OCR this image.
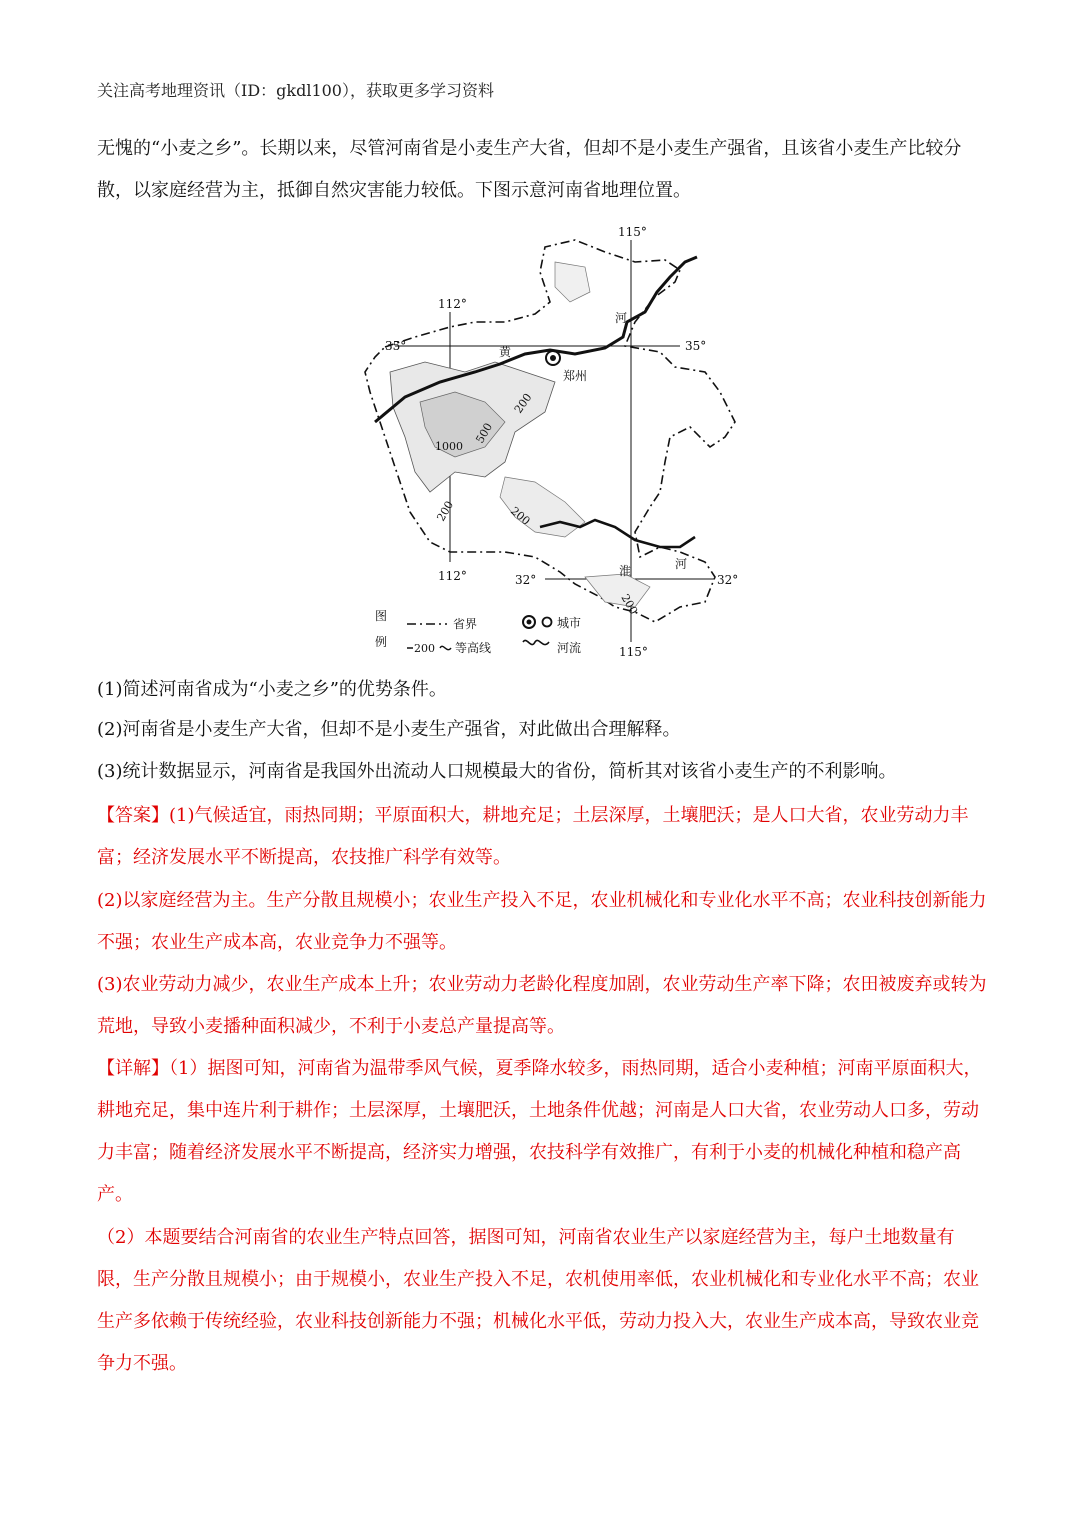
关注高考地理资讯（ID：gkdl100），获取更多学习资料

无愧的“小麦之乡”。长期以来，尽管河南省是小麦生产大省，但却不是小麦生产强省，且该省小麦生产比较分散，以家庭经营为主，抵御自然灾害能力较低。下图示意河南省地理位置。

115°
112°
35°	35°
112°	32°	32°
115°
郑州
河
黄
淮	河
200
1000
500
200	200
200
图
例
省界	城市
200 等高线	河流

(1)简述河南省成为“小麦之乡”的优势条件。

(2)河南省是小麦生产大省，但却不是小麦生产强省，对此做出合理解释。

(3)统计数据显示，河南省是我国外出流动人口规模最大的省份，简析其对该省小麦生产的不利影响。

【答案】(1)气候适宜，雨热同期；平原面积大，耕地充足；土层深厚，土壤肥沃；是人口大省，农业劳动力丰富；经济发展水平不断提高，农技推广科学有效等。

(2)以家庭经营为主。生产分散且规模小；农业生产投入不足，农业机械化和专业化水平不高；农业科技创新能力不强；农业生产成本高，农业竞争力不强等。

(3)农业劳动力减少，农业生产成本上升；农业劳动力老龄化程度加剧，农业劳动生产率下降；农田被废弃或转为荒地，导致小麦播种面积减少，不利于小麦总产量提高等。

【详解】（1）据图可知，河南省为温带季风气候，夏季降水较多，雨热同期，适合小麦种植；河南平原面积大，耕地充足，集中连片利于耕作；土层深厚，土壤肥沃，土地条件优越；河南是人口大省，农业劳动人口多，劳动力丰富；随着经济发展水平不断提高，经济实力增强，农技科学有效推广，有利于小麦的机械化种植和稳产高产。

（2）本题要结合河南省的农业生产特点回答，据图可知，河南省农业生产以家庭经营为主，每户土地数量有限，生产分散且规模小；由于规模小，农业生产投入不足，农机使用率低，农业机械化和专业化水平不高；农业生产多依赖于传统经验，农业科技创新能力不强；机械化水平低，劳动力投入大，农业生产成本高，导致农业竞争力不强。
